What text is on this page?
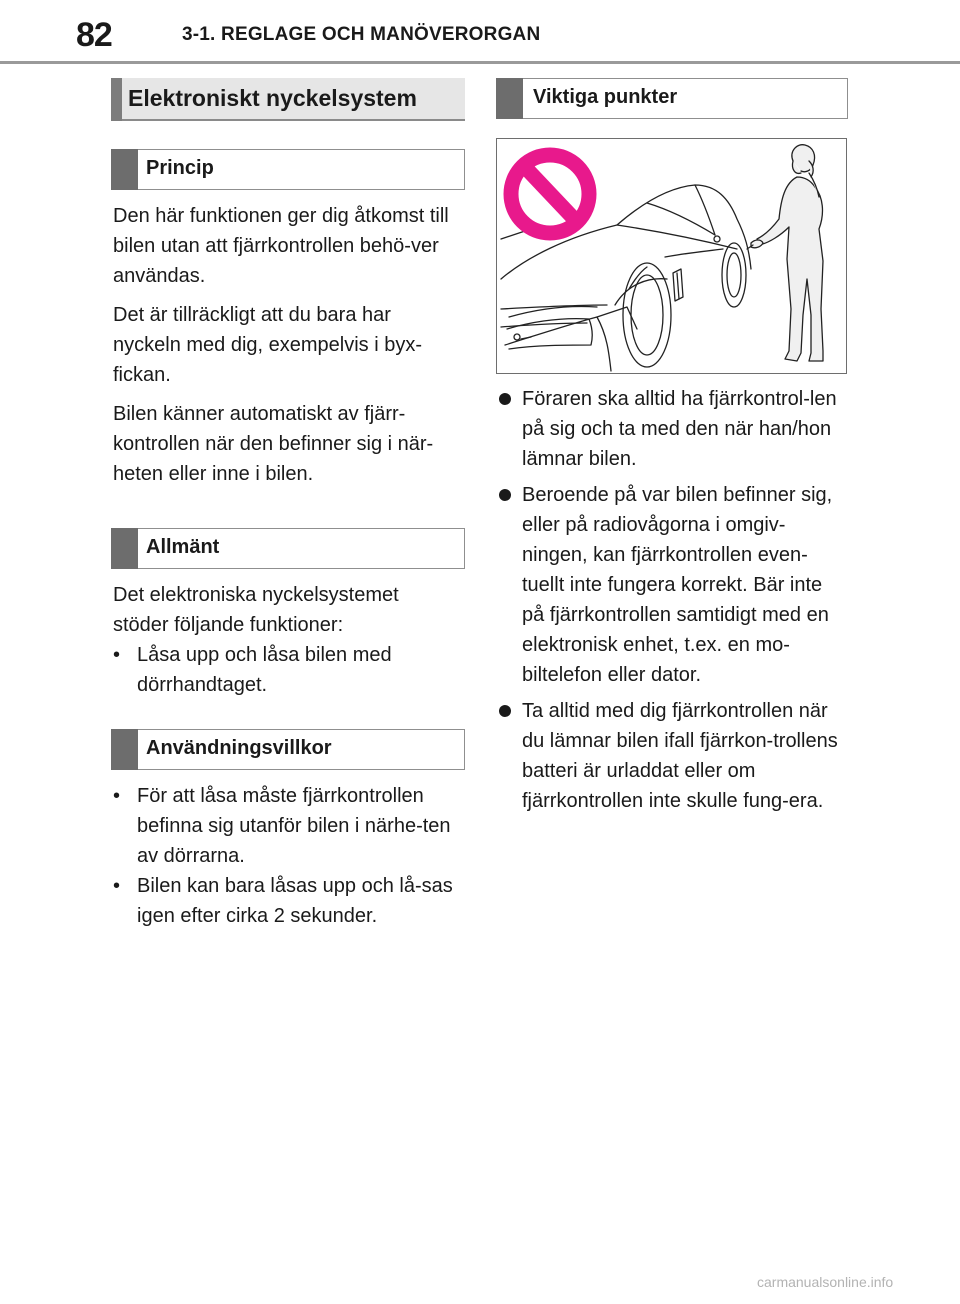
82	3-1. REGLAGE OCH MANÖVERORGAN
Elektroniskt nyckelsystem
Princip

Den här funktionen ger dig åtkomst till bilen utan att fjärrkontrollen behö-ver användas.

Det är tillräckligt att du bara har nyckeln med dig, exempelvis i byx-fickan.

Bilen känner automatiskt av fjärr-kontrollen när den befinner sig i när-heten eller inne i bilen.

Allmänt

Det elektroniska nyckelsystemet stöder följande funktioner:

• Låsa upp och låsa bilen med dörrhandtaget.
Användningsvillkor
• För att låsa måste fjärrkontrollen befinna sig utanför bilen i närhe-ten av dörrarna.
• Bilen kan bara låsas upp och lå-sas igen efter cirka 2 sekunder.
Viktiga punkter
Föraren ska alltid ha fjärrkontrol-len på sig och ta med den när han/hon lämnar bilen.
Beroende på var bilen befinner sig, eller på radiovågorna i omgiv-ningen, kan fjärrkontrollen even-tuellt inte fungera korrekt. Bär inte på fjärrkontrollen samtidigt med en elektronisk enhet, t.ex. en mo-biltelefon eller dator.
Ta alltid med dig fjärrkontrollen när du lämnar bilen ifall fjärrkon-trollens batteri är urladdat eller om fjärrkontrollen inte skulle fung-era.
carmanualsonline.info
